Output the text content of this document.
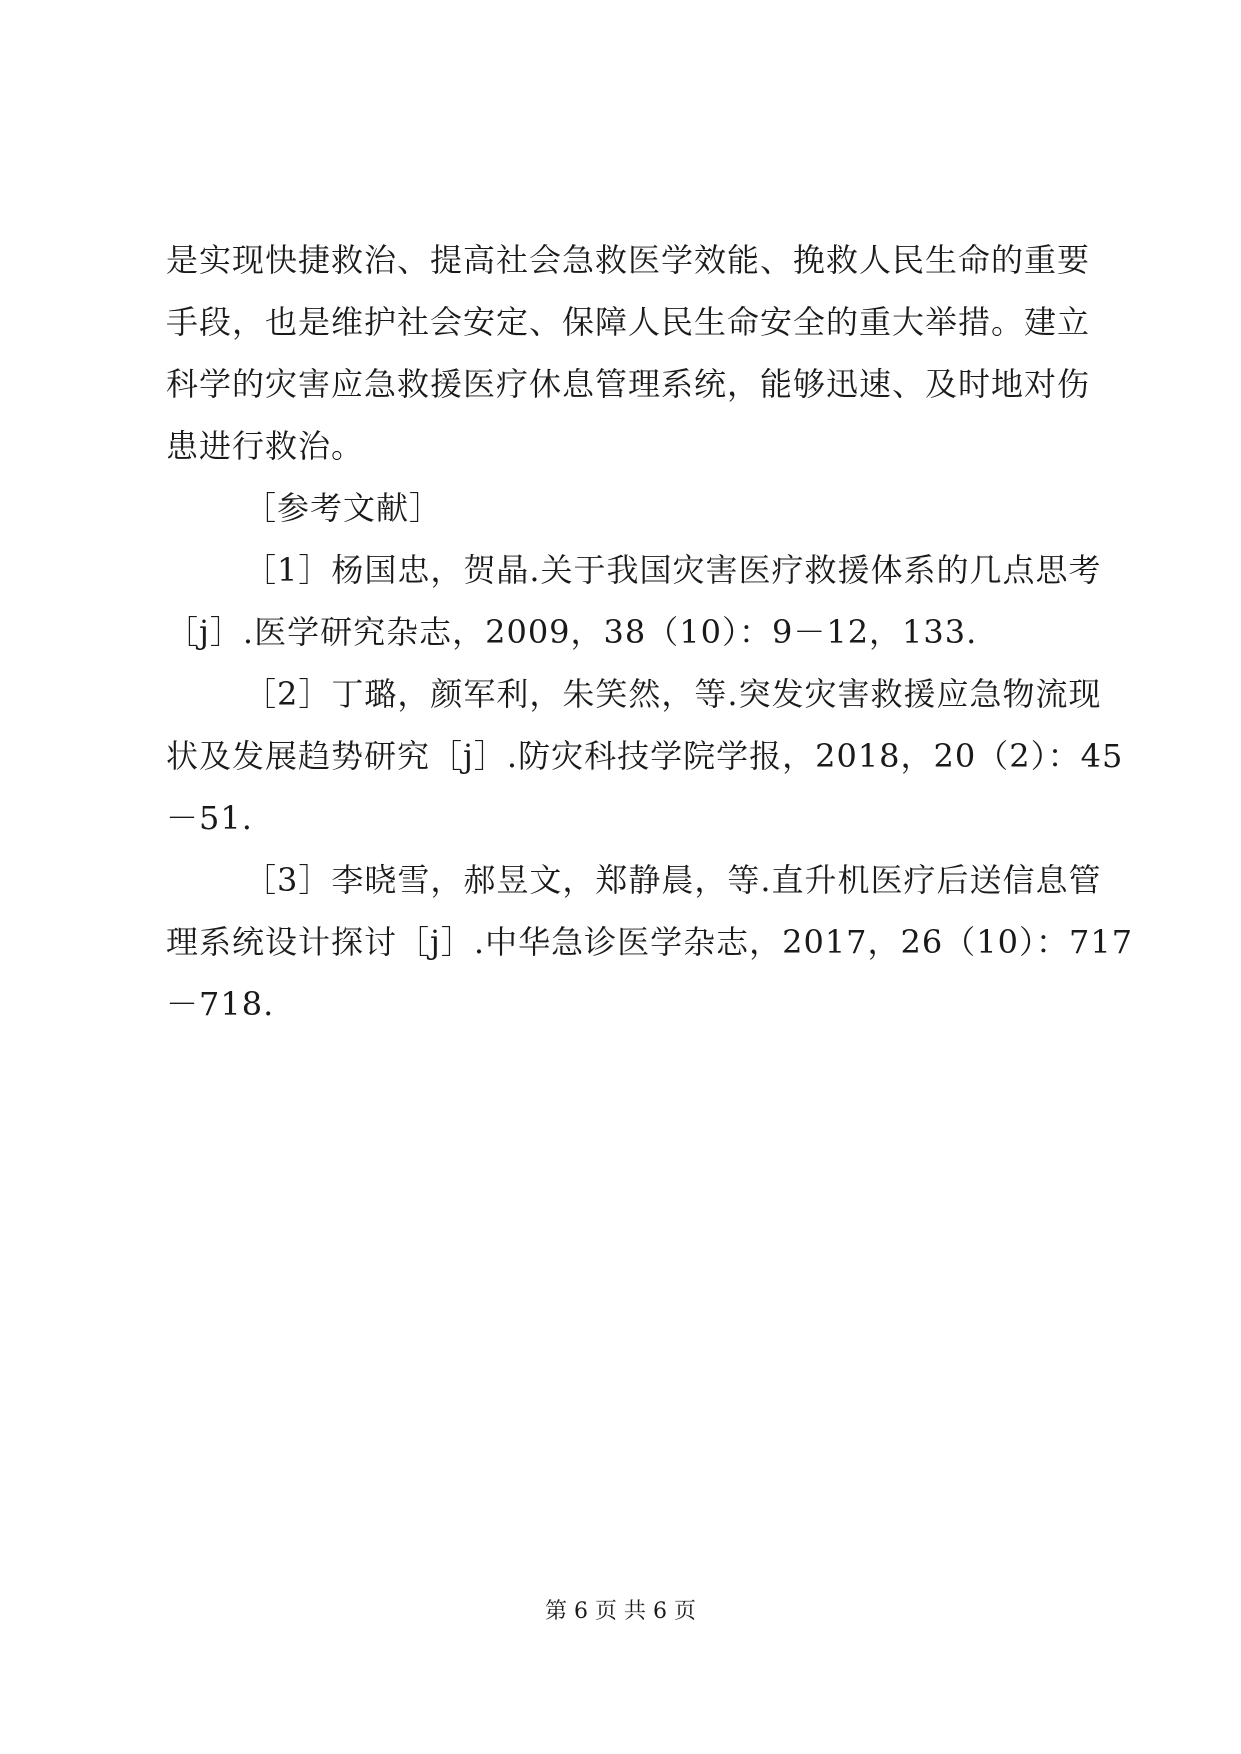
是实现快捷救治、提高社会急救医学效能、挽救人民生命的重要
手段，也是维护社会安定、保障人民生命安全的重大举措。建立
科学的灾害应急救援医疗休息管理系统，能够迅速、及时地对伤
患进行救治。

［参考文献］

［1］杨国忠，贺晶.关于我国灾害医疗救援体系的几点思考
［j］.医学研究杂志，2009，38（10）：9－12，133.

［2］丁璐，颜军利，朱笑然，等.突发灾害救援应急物流现
状及发展趋势研究［j］.防灾科技学院学报，2018，20（2）：45
－51.

［3］李晓雪，郝昱文，郑静晨，等.直升机医疗后送信息管
理系统设计探讨［j］.中华急诊医学杂志，2017，26（10）：717
－718.

第 6 页 共 6 页
